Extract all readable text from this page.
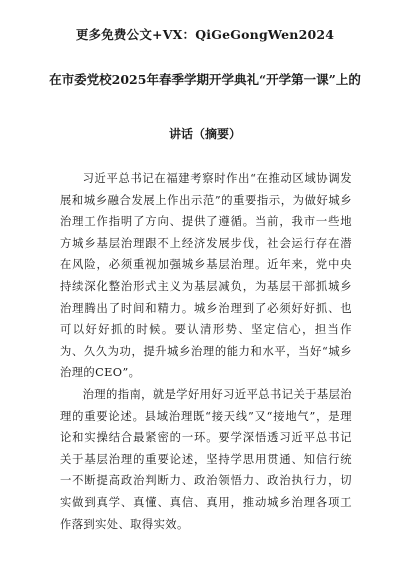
更多免费公文+VX：QiGeGongWen2024
在市委党校2025年春季学期开学典礼“开学第一课”上的
讲话（摘要）

习近平总书记在福建考察时作出“在推动区域协调发展和城乡融合发展上作出示范”的重要指示，为做好城乡治理工作指明了方向、提供了遵循。当前，我市一些地方城乡基层治理跟不上经济发展步伐，社会运行存在潜在风险，必须重视加强城乡基层治理。近年来，党中央持续深化整治形式主义为基层减负，为基层干部抓城乡治理腾出了时间和精力。城乡治理到了必须好好抓、也可以好好抓的时候。要认清形势、坚定信心，担当作为、久久为功，提升城乡治理的能力和水平，当好“城乡治理的CEO”。

治理的指南，就是学好用好习近平总书记关于基层治理的重要论述。县域治理既“接天线”又“接地气”，是理论和实操结合最紧密的一环。要学深悟透习近平总书记关于基层治理的重要论述，坚持学思用贯通、知信行统一不断提高政治判断力、政治领悟力、政治执行力，切实做到真学、真懂、真信、真用，推动城乡治理各项工作落到实处、取得实效。
